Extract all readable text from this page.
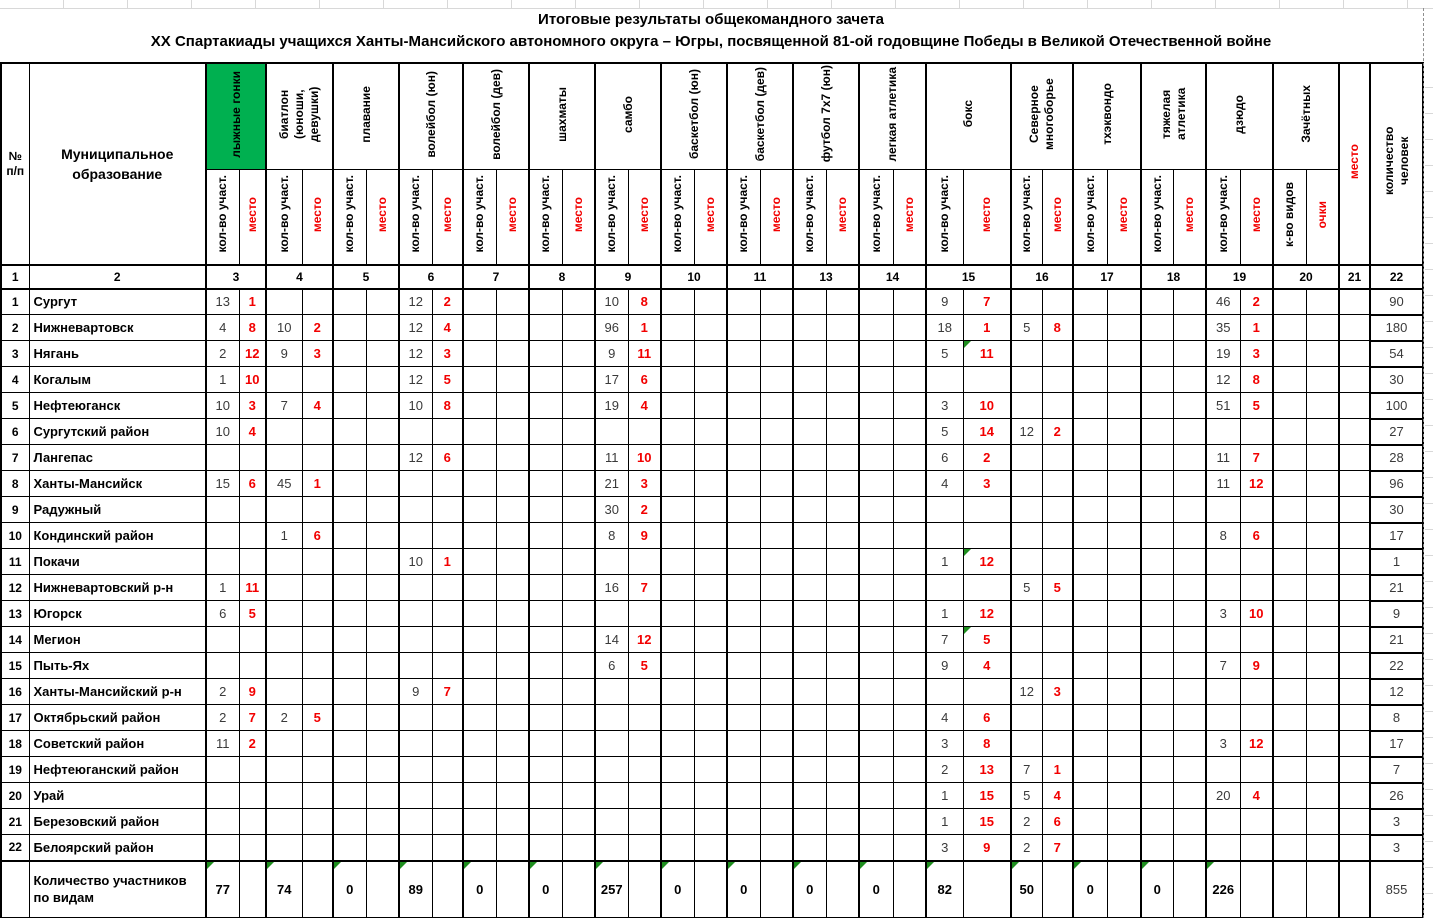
Итоговые результаты общекомандного зачета
XX Спартакиады учащихся Ханты-Мансийского автономного округа – Югры, посвященной 81-ой годовщине Победы в Великой Отечественной войне
№
п/п	Муниципальное образование	лыжные гонки		биатлон (юноши, девушки)		плавание		волейбол (юн)		волейбол (дев)		шахматы		самбо		баскетбол (юн)		баскетбол (дев)		футбол 7х7 (юн)		легкая атлетика		бокс		Северное многоборье		тхэквондо		тяжелая атлетика		дзюдо		Зачётных		место	количество человек
		кол-во участ.	место	кол-во участ.	место	кол-во участ.	место	кол-во участ.	место	кол-во участ.	место	кол-во участ.	место	кол-во участ.	место	кол-во участ.	место	кол-во участ.	место	кол-во участ.	место	кол-во участ.	место	кол-во участ.	место	кол-во участ.	место	кол-во участ.	место	кол-во участ.	место	кол-во участ.	место	к-во видов	очки		
1	2	3		4		5		6		7		8		9		10		11		13		14		15		16		17		18		19		20		21	22
1	Сургут	13	1					12	2					10	8									9	7							46	2				90
2	Нижневартовск	4	8	10	2			12	4					96	1									18	1	5	8					35	1				180
3	Нягань	2	12	9	3			12	3					9	11									5	11							19	3				54
4	Когалым	1	10					12	5					17	6																	12	8				30
5	Нефтеюганск	10	3	7	4			10	8					19	4									3	10							51	5				100
6	Сургутский район	10	4																					5	14	12	2										27
7	Лангепас							12	6					11	10									6	2							11	7				28
8	Ханты-Мансийск	15	6	45	1									21	3									4	3							11	12				96
9	Радужный													30	2																						30
10	Кондинский район			1	6									8	9																	8	6				17
11	Покачи							10	1															1	12												1
12	Нижневартовский р-н	1	11											16	7											5	5										21
13	Югорск	6	5																					1	12							3	10				9
14	Мегион													14	12									7	5												21
15	Пыть-Ях													6	5									9	4							7	9				22
16	Ханты-Мансийский р-н	2	9					9	7																	12	3										12
17	Октябрьский район	2	7	2	5																			4	6												8
18	Советский район	11	2																					3	8							3	12				17
19	Нефтеюганский район																							2	13	7	1										7
20	Урай																							1	15	5	4					20	4				26
21	Березовский район																							1	15	2	6										3
22	Белоярский район																							3	9	2	7										3
	Количество участников по видам	77		74		0		89		0		0		257		0		0		0		0		82		50		0		0		226					855
